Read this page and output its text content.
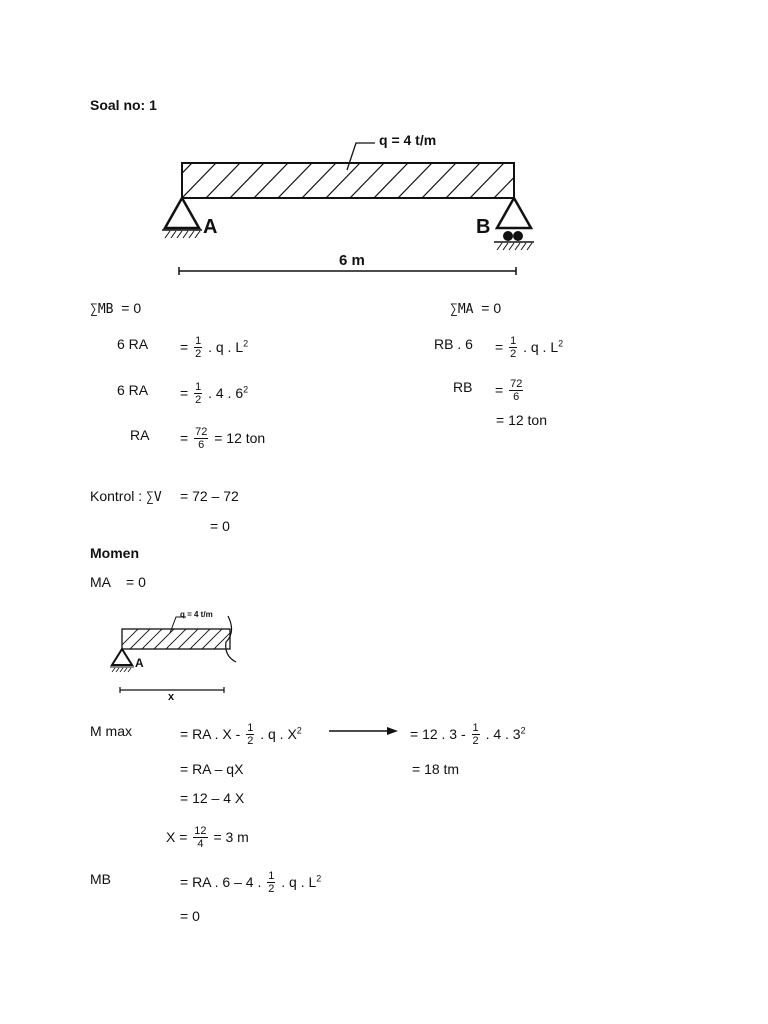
Soal no: 1
q = 4 t/m
A	B
6 m
∑MB = 0
6 RA = $\frac{1}{2}$ . q . $L^2$
6 RA = $\frac{1}{2}$ . 4 . $6^2$
RA = $\frac{72}{6} = 12$ ton
∑MA = 0
RB . $6 = \frac{1}{2}$ . q . $L^2$
RB = $\frac{72}{6}$
= 12 ton
Kontrol : ∑V = 72 – 72
= 0
Momen
MA = 0
q = 4 t/m
A
x
M max	= RA . X - $\frac{1}{2}$ . q . $X^2$	= 12 . $3 - \frac{1}{2}$ . 4 . $3^2$
= RA – qX	= 18 tm
= 12 – 4 X
$X = \frac{12}{4} = 3$ m
MB	= RA . 6 – 4 . $\frac{1}{2}$ . q . $L^2$
= 0
